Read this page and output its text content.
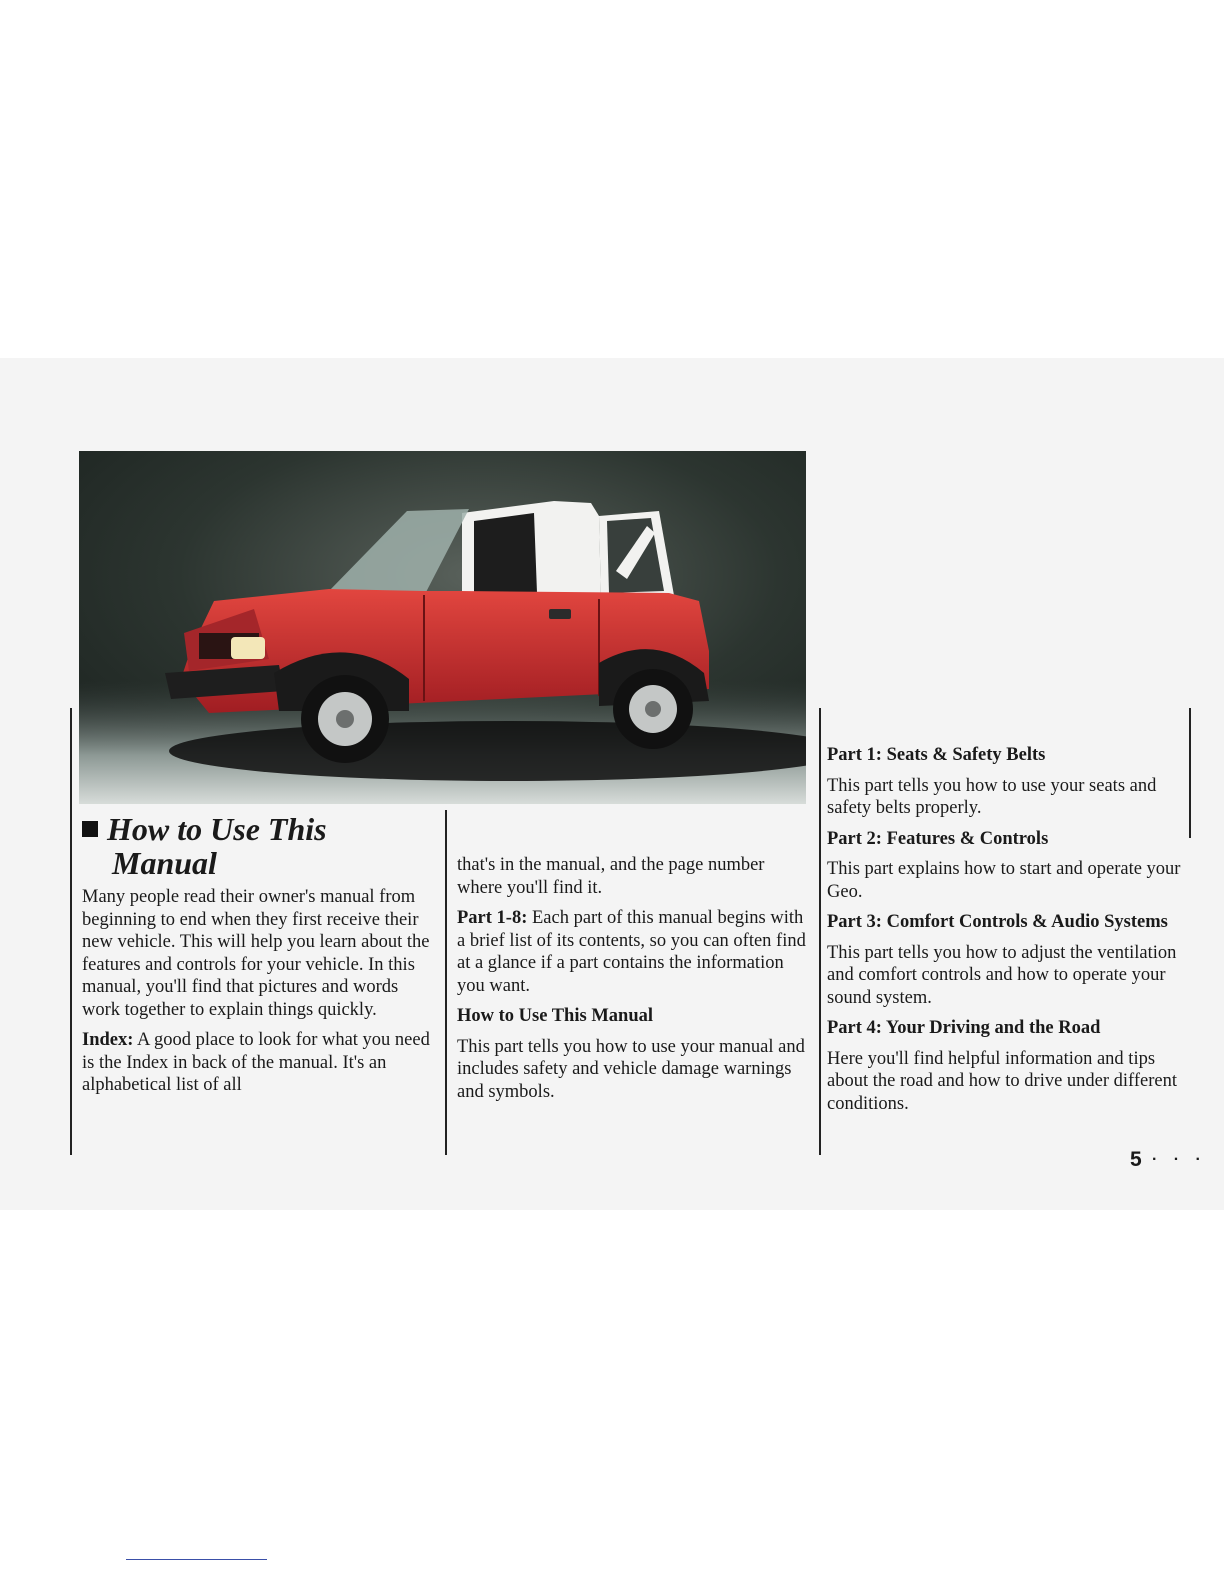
How to Use This
Manual

Many people read their owner's manual from beginning to end when they first receive their new vehicle. This will help you learn about the features and controls for your vehicle. In this manual, you'll find that pictures and words work together to explain things quickly.

Index: A good place to look for what you need is the Index in back of the manual. It's an alphabetical list of all

that's in the manual, and the page number where you'll find it.

Part 1-8: Each part of this manual begins with a brief list of its contents, so you can often find at a glance if a part contains the information you want.

How to Use This Manual

This part tells you how to use your manual and includes safety and vehicle damage warnings and symbols.

Part 1: Seats & Safety Belts

This part tells you how to use your seats and safety belts properly.

Part 2: Features & Controls

This part explains how to start and operate your Geo.

Part 3: Comfort Controls & Audio Systems

This part tells you how to adjust the ventilation and comfort controls and how to operate your sound system.

Part 4: Your Driving and the Road

Here you'll find helpful information and tips about the road and how to drive under different conditions.

5 · · ·
